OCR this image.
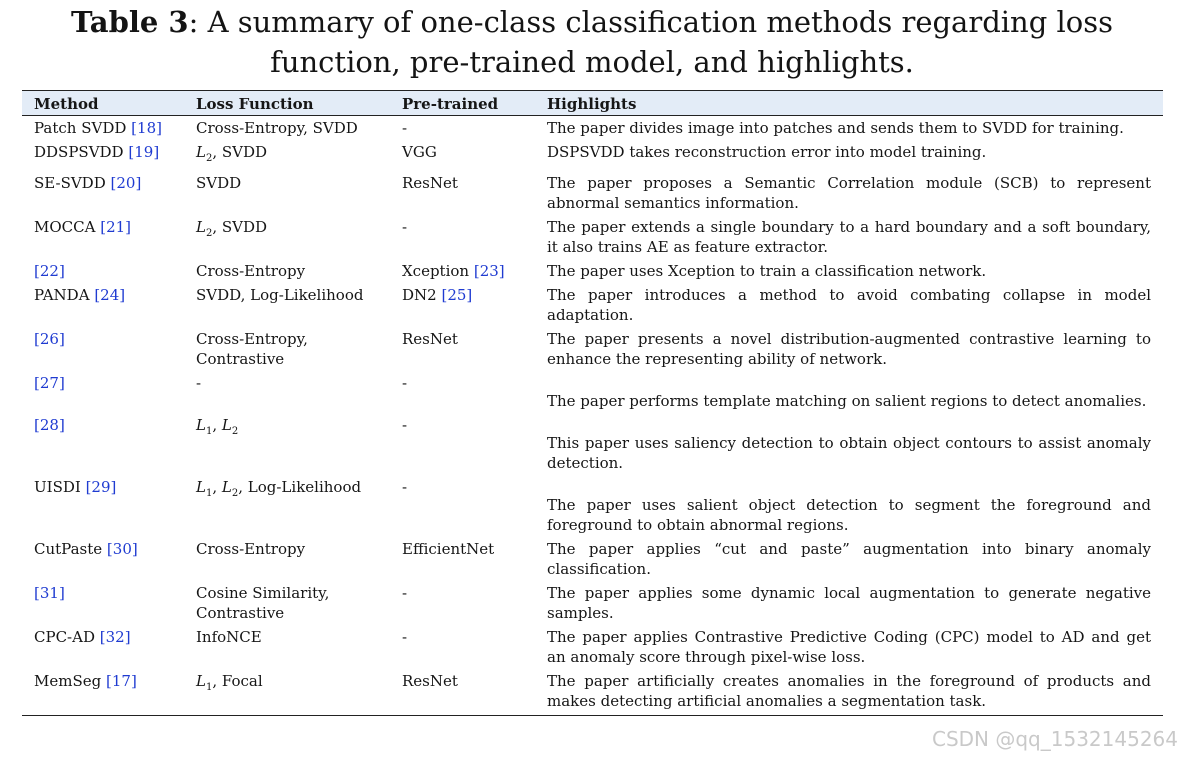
Table 3: A summary of one-class classification methods regarding loss
function, pre-trained model, and highlights.
Method	Loss Function	Pre-trained	Highlights
Patch SVDD [18]	Cross-Entropy, SVDD	-	The paper divides image into patches and sends them to SVDD for training.
DDSPSVDD [19]	$L_2$, SVDD	VGG	DSPSVDD takes reconstruction error into model training.
SE-SVDD [20]	SVDD	ResNet	The paper proposes a Semantic Correlation module (SCB) to represent abnormal semantics information.
MOCCA [21]	$L_2$, SVDD	-	The paper extends a single boundary to a hard boundary and a soft boundary, it also trains AE as feature extractor.
[22]	Cross-Entropy	Xception [23]	The paper uses Xception to train a classification network.
PANDA [24]	SVDD, Log-Likelihood	DN2 [25]	The paper introduces a method to avoid combating collapse in model adaptation.
[26]	Cross-Entropy, Contrastive	ResNet	The paper presents a novel distribution-augmented contrastive learning to enhance the representing ability of network.
[27]	-	-	The paper performs template matching on salient regions to detect anomalies.

[28]	$L_1$, $L_2$	-	This paper uses saliency detection to obtain object contours to assist anomaly detection.

UISDI [29]	$L_1$, $L_2$, Log-Likelihood	-	The paper uses salient object detection to segment the foreground and foreground to obtain abnormal regions.

CutPaste [30]	Cross-Entropy	EfficientNet	The paper applies “cut and paste” augmentation into binary anomaly classification.
[31]	Cosine Similarity, Contrastive	-	The paper applies some dynamic local augmentation to generate negative samples.
CPC-AD [32]	InfoNCE	-	The paper applies Contrastive Predictive Coding (CPC) model to AD and get an anomaly score through pixel-wise loss.
MemSeg [17]	$L_1$, Focal	ResNet	The paper artificially creates anomalies in the foreground of products and makes detecting artificial anomalies a segmentation task.
CSDN @qq_1532145264
